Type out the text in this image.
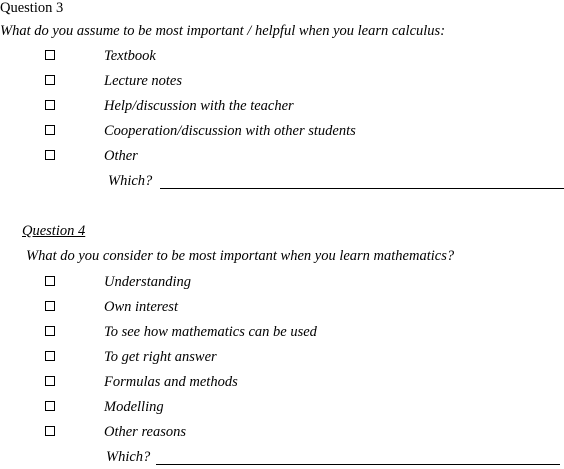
Question 3
What do you assume to be most important / helpful when you learn calculus:
Textbook
Lecture notes
Help/discussion with the teacher
Cooperation/discussion with other students
Other
Which?
Question 4
What do you consider to be most important when you learn mathematics?
Understanding
Own interest
To see how mathematics can be used
To get right answer
Formulas and methods
Modelling
Other reasons
Which?
